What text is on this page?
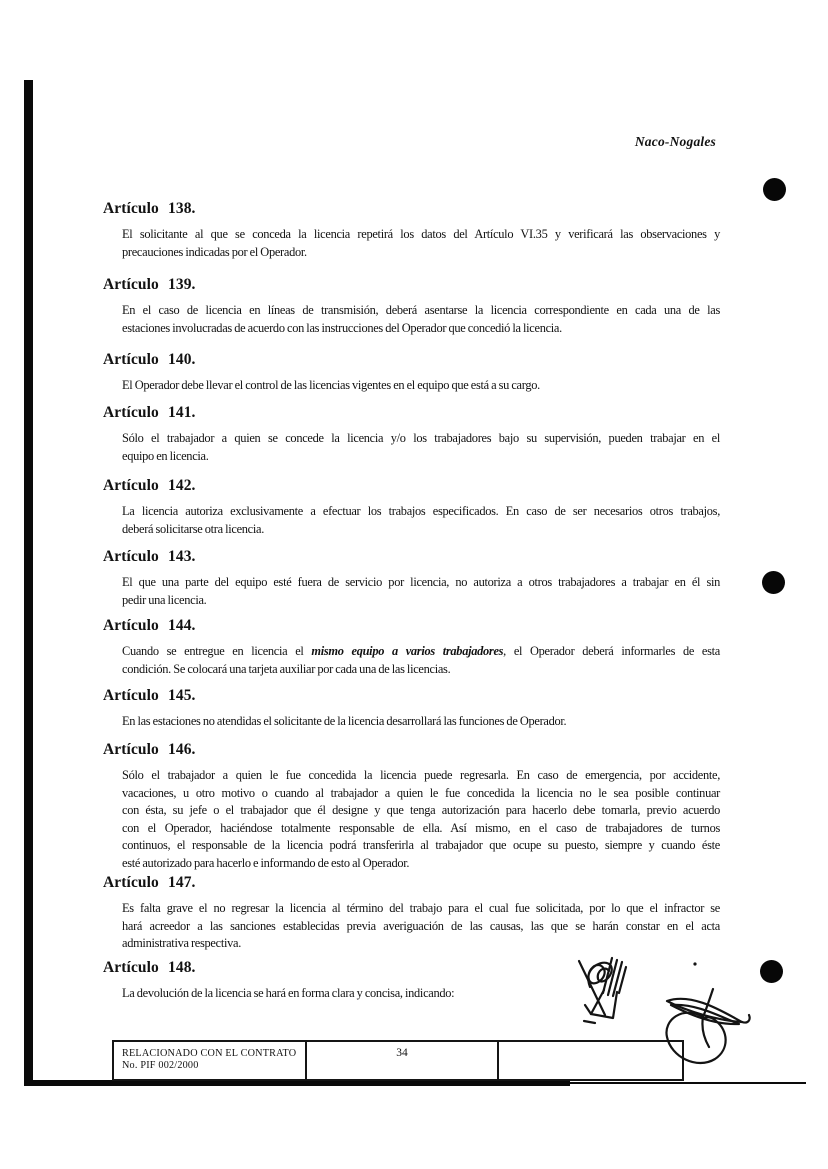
Naco-Nogales
Artículo 138.
El solicitante al que se conceda la licencia repetirá los datos del Artículo VI.35 y verificará las observaciones y
precauciones indicadas por el Operador.
Artículo 139.
En el caso de licencia en líneas de transmisión, deberá asentarse la licencia correspondiente en cada una de las
estaciones involucradas de acuerdo con las instrucciones del Operador que concedió la licencia.
Artículo 140.
El Operador debe llevar el control de las licencias vigentes en el equipo que está a su cargo.
Artículo 141.
Sólo el trabajador a quien se concede la licencia y/o los trabajadores bajo su supervisión, pueden trabajar en el
equipo en licencia.
Artículo 142.
La licencia autoriza exclusivamente a efectuar los trabajos especificados. En caso de ser necesarios otros trabajos,
deberá solicitarse otra licencia.
Artículo 143.
El que una parte del equipo esté fuera de servicio por licencia, no autoriza a otros trabajadores a trabajar en él sin
pedir una licencia.
Artículo 144.
Cuando se entregue en licencia el mismo equipo a varios trabajadores, el Operador deberá informarles de esta
condición. Se colocará una tarjeta auxiliar por cada una de las licencias.
Artículo 145.
En las estaciones no atendidas el solicitante de la licencia desarrollará las funciones de Operador.
Artículo 146.
Sólo el trabajador a quien le fue concedida la licencia puede regresarla. En caso de emergencia, por accidente,
vacaciones, u otro motivo o cuando al trabajador a quien le fue concedida la licencia no le sea posible continuar
con ésta, su jefe o el trabajador que él designe y que tenga autorización para hacerlo debe tomarla, previo acuerdo
con el Operador, haciéndose totalmente responsable de ella. Así mismo, en el caso de trabajadores de turnos
continuos, el responsable de la licencia podrá transferirla al trabajador que ocupe su puesto, siempre y cuando éste
esté autorizado para hacerlo e informando de esto al Operador.
Artículo 147.
Es falta grave el no regresar la licencia al término del trabajo para el cual fue solicitada, por lo que el infractor se
hará acreedor a las sanciones establecidas previa averiguación de las causas, las que se harán constar en el acta
administrativa respectiva.
Artículo 148.
La devolución de la licencia se hará en forma clara y concisa, indicando:
RELACIONADO CON EL CONTRATO
No. PIF 002/2000
34
